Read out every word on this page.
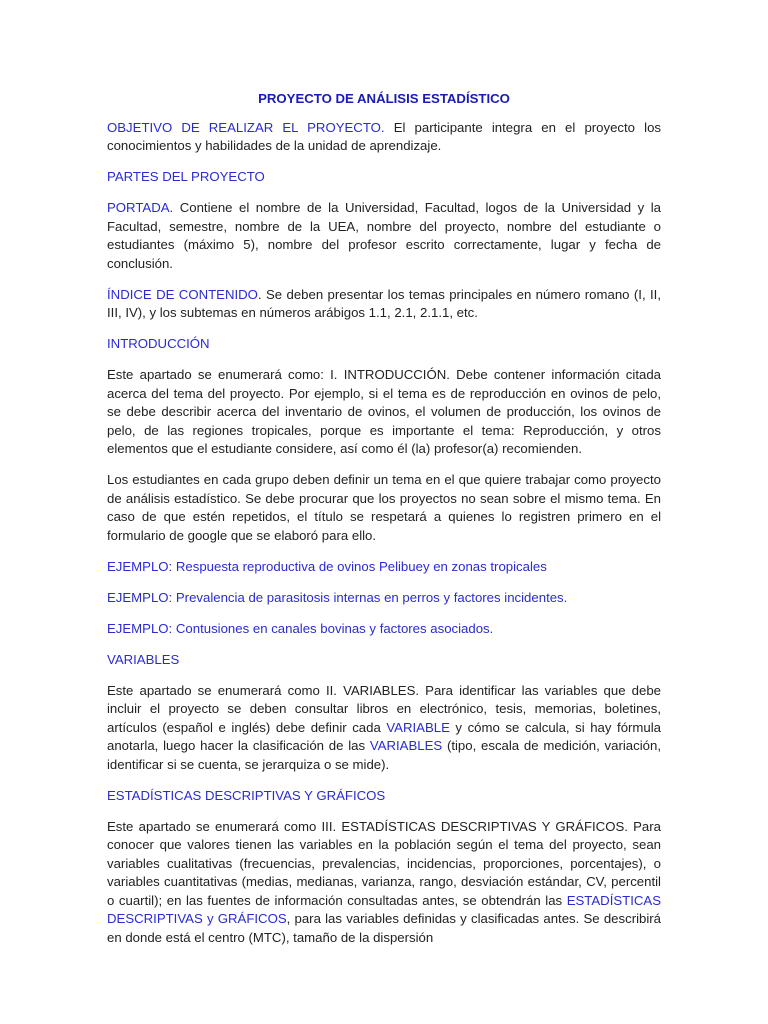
PROYECTO DE ANÁLISIS ESTADÍSTICO

OBJETIVO DE REALIZAR EL PROYECTO. El participante integra en el proyecto los conocimientos y habilidades de la unidad de aprendizaje.

PARTES DEL PROYECTO

PORTADA. Contiene el nombre de la Universidad, Facultad, logos de la Universidad y la Facultad, semestre, nombre de la UEA, nombre del proyecto, nombre del estudiante o estudiantes (máximo 5), nombre del profesor escrito correctamente, lugar y fecha de conclusión.

ÍNDICE DE CONTENIDO. Se deben presentar los temas principales en número romano (I, II, III, IV), y los subtemas en números arábigos 1.1, 2.1, 2.1.1, etc.

INTRODUCCIÓN

Este apartado se enumerará como: I. INTRODUCCIÓN. Debe contener información citada acerca del tema del proyecto. Por ejemplo, si el tema es de reproducción en ovinos de pelo, se debe describir acerca del inventario de ovinos, el volumen de producción, los ovinos de pelo, de las regiones tropicales, porque es importante el tema: Reproducción, y otros elementos que el estudiante considere, así como él (la) profesor(a) recomienden.

Los estudiantes en cada grupo deben definir un tema en el que quiere trabajar como proyecto de análisis estadístico. Se debe procurar que los proyectos no sean sobre el mismo tema. En caso de que estén repetidos, el título se respetará a quienes lo registren primero en el formulario de google que se elaboró para ello.

EJEMPLO: Respuesta reproductiva de ovinos Pelibuey en zonas tropicales

EJEMPLO: Prevalencia de parasitosis internas en perros y factores incidentes.

EJEMPLO: Contusiones en canales bovinas y factores asociados.

VARIABLES

Este apartado se enumerará como II. VARIABLES. Para identificar las variables que debe incluir el proyecto se deben consultar libros en electrónico, tesis, memorias, boletines, artículos (español e inglés) debe definir cada VARIABLE y cómo se calcula, si hay fórmula anotarla, luego hacer la clasificación de las VARIABLES (tipo, escala de medición, variación, identificar si se cuenta, se jerarquiza o se mide).

ESTADÍSTICAS DESCRIPTIVAS Y GRÁFICOS

Este apartado se enumerará como III. ESTADÍSTICAS DESCRIPTIVAS Y GRÁFICOS. Para conocer que valores tienen las variables en la población según el tema del proyecto, sean variables cualitativas (frecuencias, prevalencias, incidencias, proporciones, porcentajes), o variables cuantitativas (medias, medianas, varianza, rango, desviación estándar, CV, percentil o cuartil); en las fuentes de información consultadas antes, se obtendrán las ESTADÍSTICAS DESCRIPTIVAS y GRÁFICOS, para las variables definidas y clasificadas antes. Se describirá en donde está el centro (MTC), tamaño de la dispersión
